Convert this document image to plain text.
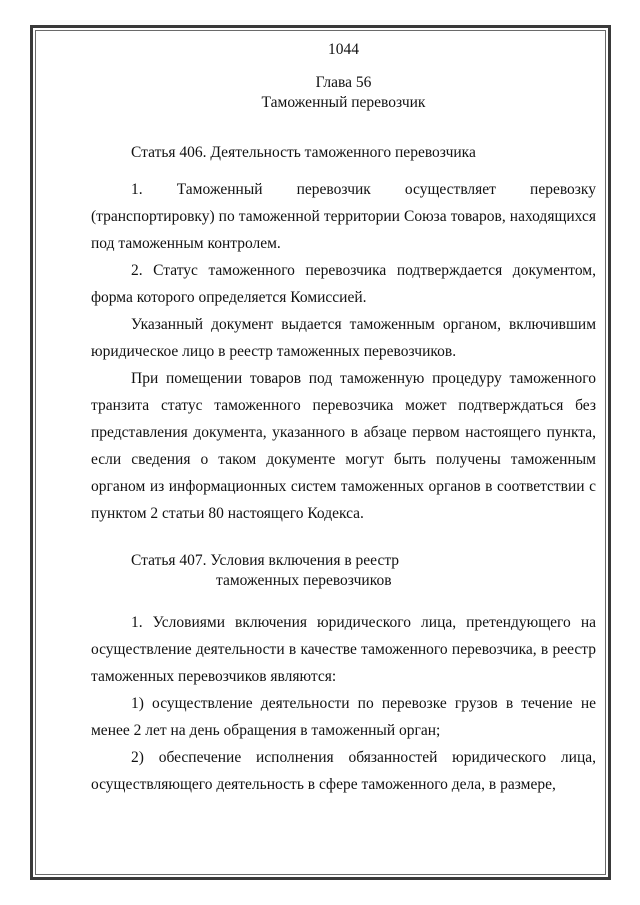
1044
Глава 56
Таможенный перевозчик
Статья 406. Деятельность таможенного перевозчика

1. Таможенный перевозчик осуществляет перевозку (транспортировку) по таможенной территории Союза товаров, находящихся под таможенным контролем.

2. Статус таможенного перевозчика подтверждается документом, форма которого определяется Комиссией.

Указанный документ выдается таможенным органом, включившим юридическое лицо в реестр таможенных перевозчиков.

При помещении товаров под таможенную процедуру таможенного транзита статус таможенного перевозчика может подтверждаться без представления документа, указанного в абзаце первом настоящего пункта, если сведения о таком документе могут быть получены таможенным органом из информационных систем таможенных органов в соответствии с пунктом 2 статьи 80 настоящего Кодекса.

Статья 407. Условия включения в реестр
таможенных перевозчиков

1. Условиями включения юридического лица, претендующего на осуществление деятельности в качестве таможенного перевозчика, в реестр таможенных перевозчиков являются:

1) осуществление деятельности по перевозке грузов в течение не менее 2 лет на день обращения в таможенный орган;

2) обеспечение исполнения обязанностей юридического лица, осуществляющего деятельность в сфере таможенного дела, в размере,
